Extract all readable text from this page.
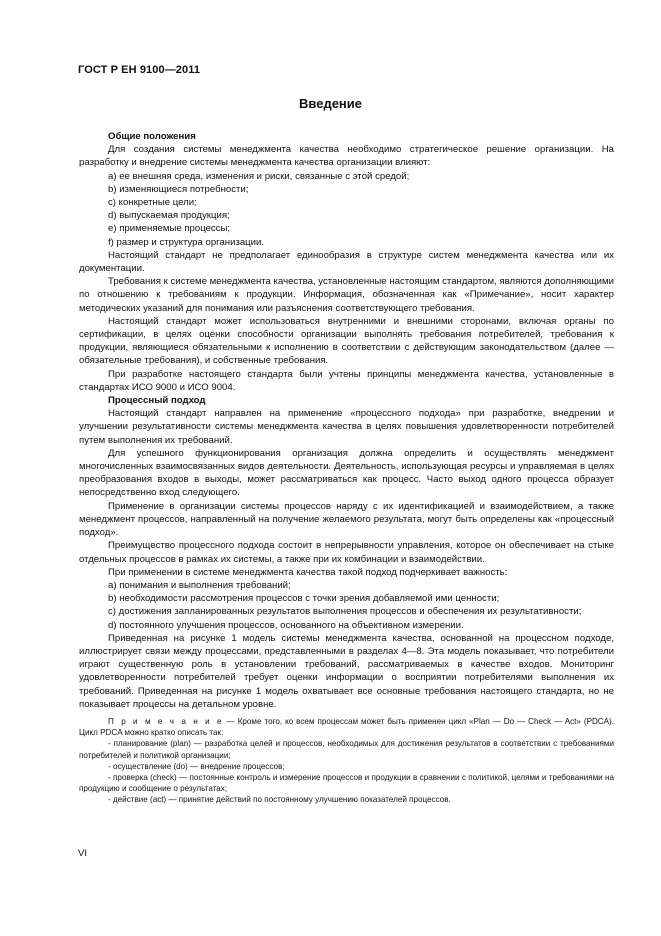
ГОСТ Р ЕН 9100—2011
Введение

Общие положения

Для создания системы менеджмента качества необходимо стратегическое решение организации. На разработку и внедрение системы менеджмента качества организации влияют:

a) ее внешняя среда, изменения и риски, связанные с этой средой;

b) изменяющиеся потребности;

c) конкретные цели;

d) выпускаемая продукция;

e) применяемые процессы;

f) размер и структура организации.

Настоящий стандарт не предполагает единообразия в структуре систем менеджмента качества или их документации.

Требования к системе менеджмента качества, установленные настоящим стандартом, являются дополняющими по отношению к требованиям к продукции. Информация, обозначенная как «Примечание», носит характер методических указаний для понимания или разъяснения соответствующего требования.

Настоящий стандарт может использоваться внутренними и внешними сторонами, включая органы по сертификации, в целях оценки способности организации выполнять требования потребителей, требования к продукции, являющиеся обязательными к исполнению в соответствии с действующим законодательством (далее — обязательные требования), и собственные требования.

При разработке настоящего стандарта были учтены принципы менеджмента качества, установленные в стандартах ИСО 9000 и ИСО 9004.

Процессный подход

Настоящий стандарт направлен на применение «процессного подхода» при разработке, внедрении и улучшении результативности системы менеджмента качества в целях повышения удовлетворенности потребителей путем выполнения их требований.

Для успешного функционирования организация должна определить и осуществлять менеджмент многочисленных взаимосвязанных видов деятельности. Деятельность, использующая ресурсы и управляемая в целях преобразования входов в выходы, может рассматриваться как процесс. Часто выход одного процесса образует непосредственно вход следующего.

Применение в организации системы процессов наряду с их идентификацией и взаимодействием, а также менеджмент процессов, направленный на получение желаемого результата, могут быть определены как «процессный подход».

Преимущество процессного подхода состоит в непрерывности управления, которое он обеспечивает на стыке отдельных процессов в рамках их системы, а также при их комбинации и взаимодействии.

При применении в системе менеджмента качества такой подход подчеркивает важность:

a) понимания и выполнения требований;

b) необходимости рассмотрения процессов с точки зрения добавляемой ими ценности;

c) достижения запланированных результатов выполнения процессов и обеспечения их результативности;

d) постоянного улучшения процессов, основанного на объективном измерении.

Приведенная на рисунке 1 модель системы менеджмента качества, основанной на процессном подходе, иллюстрирует связи между процессами, представленными в разделах 4—8. Эта модель показывает, что потребители играют существенную роль в установлении требований, рассматриваемых в качестве входов. Мониторинг удовлетворенности потребителей требует оценки информации о восприятии потребителями выполнения их требований. Приведенная на рисунке 1 модель охватывает все основные требования настоящего стандарта, но не показывает процессы на детальном уровне.

П р и м е ч а н и е — Кроме того, ко всем процессам может быть применен цикл «Plan — Do — Check — Act» (PDCA). Цикл PDCA можно кратко описать так:

- планирование (plan) — разработка целей и процессов, необходимых для достижения результатов в соответствии с требованиями потребителей и политикой организации;

- осуществление (do) — внедрение процессов;

- проверка (check) — постоянные контроль и измерение процессов и продукции в сравнении с политикой, целями и требованиями на продукцию и сообщение о результатах;

- действие (act) — принятие действий по постоянному улучшению показателей процессов.

VI
